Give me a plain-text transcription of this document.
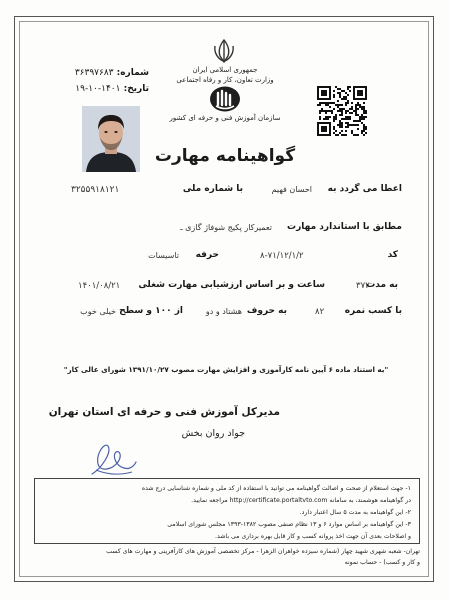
جمهوری اسلامی ایران
وزارت تعاون، کار و رفاه اجتماعی
سازمان آموزش فنی و حرفه ای کشور
شماره: ۳۶۳۹۷۶۸۳
تاریخ: ۱۴۰۱-۱۰-۱۹
گواهینامه مهارت
اعطا می گردد به
احسان فهیم
با شماره ملی
۳۲۵۵۹۱۸۱۲۱
مطابق با استاندارد مهارت
تعمیرکار پکیج شوفاژ گازی ـ
کد
۸-۷۱/۱۲/۱/۲
حرفه
تاسیسات
به مدت
۳۷۲
ساعت و بر اساس ارزشیابی مهارت شغلی
۱۴۰۱/۰۸/۲۱
با کسب نمره
۸۲
به حروف
هشتاد و دو
از ۱۰۰ و سطح
خیلی خوب
"به استناد ماده ۶ آیین نامه کارآموزی و افزایش مهارت مصوب ۱۳۹۱/۱۰/۲۷ شورای عالی کار"
مدیرکل آموزش فنی و حرفه ای استان تهران
جواد روان بخش
۱- جهت استعلام از صحت و اصالت گواهینامه می توانید با استفاده از کد ملی و شماره شناسایی درج شده
در گواهینامه هوشمند، به سامانه http://certificate.portaltvto.com مراجعه نمایید.
۲- این گواهینامه به مدت ۵ سال اعتبار دارد.
۳- این گواهینامه بر اساس موارد ۶ و ۱۳ نظام صنفی مصوب ۱۳۸۲-۱۳۹۳ مجلس شورای اسلامی
و اصلاحات بعدی آن جهت اخذ پروانه کسب و کار قابل بهره برداری می باشد.
تهران- شعبه شهری شهید چهار (شماره سیزده خواهران الزهرا - مرکز تخصصی آموزش های کارآفرینی و مهارت های کسب
و کار و کسب) - حساب نمونه
